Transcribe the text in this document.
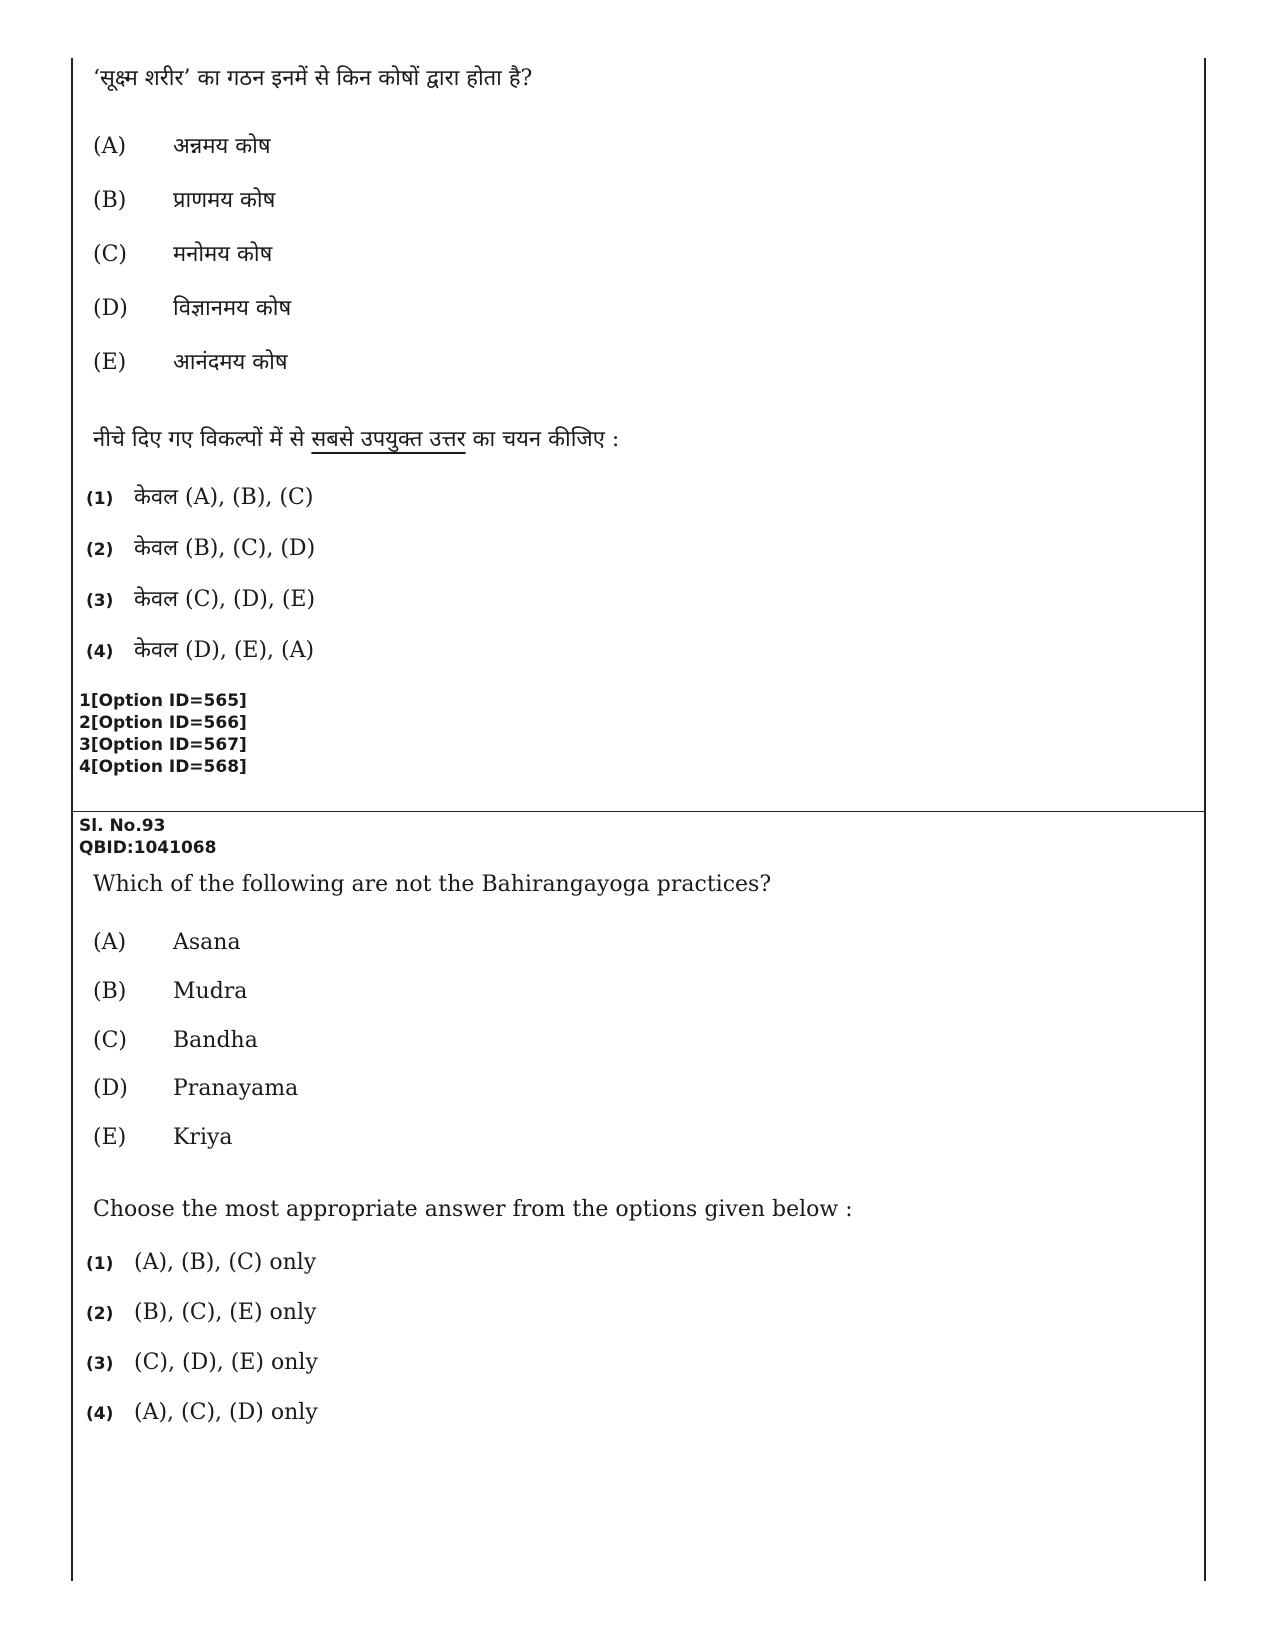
‘सूक्ष्म शरीर’ का गठन इनमें से किन कोषों द्वारा होता है?
(A) अन्नमय कोष
(B) प्राणमय कोष
(C) मनोमय कोष
(D) विज्ञानमय कोष
(E) आनंदमय कोष
नीचे दिए गए विकल्पों में से सबसे उपयुक्त उत्तर का चयन कीजिए :
(1) केवल (A), (B), (C)
(2) केवल (B), (C), (D)
(3) केवल (C), (D), (E)
(4) केवल (D), (E), (A)
1[Option ID=565]
2[Option ID=566]
3[Option ID=567]
4[Option ID=568]
Sl. No.93
QBID:1041068
Which of the following are not the Bahirangayoga practices?
(A) Asana
(B) Mudra
(C) Bandha
(D) Pranayama
(E) Kriya
Choose the most appropriate answer from the options given below :
(1) (A), (B), (C) only
(2) (B), (C), (E) only
(3) (C), (D), (E) only
(4) (A), (C), (D) only
